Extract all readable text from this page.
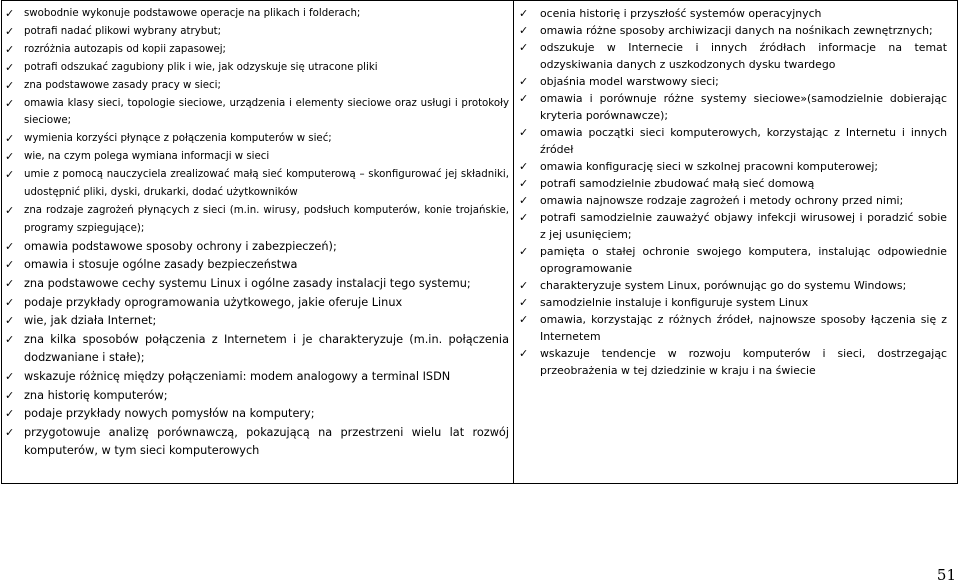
✓ swobodnie wykonuje podstawowe operacje na plikach i folderach;
✓ potrafi nadać plikowi wybrany atrybut;
✓ rozróżnia autozapis od kopii zapasowej;
✓ potrafi odszukać zagubiony plik i wie, jak odzyskuje się utracone pliki
✓ zna podstawowe zasady pracy w sieci;
✓ omawia klasy sieci, topologie sieciowe, urządzenia i elementy sieciowe oraz usługi i protokoły sieciowe;
✓ wymienia korzyści płynące z połączenia komputerów w sieć;
✓ wie, na czym polega wymiana informacji w sieci
✓ umie z pomocą nauczyciela zrealizować małą sieć komputerową – skonfigurować jej składniki, udostępnić pliki, dyski, drukarki, dodać użytkowników
✓ zna rodzaje zagrożeń płynących z sieci (m.in. wirusy, podsłuch komputerów, konie trojańskie, programy szpiegujące);
✓ omawia podstawowe sposoby ochrony i zabezpieczeń);
✓ omawia i stosuje ogólne zasady bezpieczeństwa
✓ zna podstawowe cechy systemu Linux i ogólne zasady instalacji tego systemu;
✓ podaje przykłady oprogramowania użytkowego, jakie oferuje Linux
✓ wie, jak działa Internet;
✓ zna kilka sposobów połączenia z Internetem i je charakteryzuje (m.in. połączenia dodzwaniane i stałe);
✓ wskazuje różnicę między połączeniami: modem analogowy a terminal ISDN
✓ zna historię komputerów;
✓ podaje przykłady nowych pomysłów na komputery;
✓ przygotowuje analizę porównawczą, pokazującą na przestrzeni wielu lat rozwój komputerów, w tym sieci komputerowych
✓ ocenia historię i przyszłość systemów operacyjnych
✓ omawia różne sposoby archiwizacji danych na nośnikach zewnętrznych;
✓ odszukuje w Internecie i innych źródłach informacje na temat odzyskiwania danych z uszkodzonych dysku twardego
✓ objaśnia model warstwowy sieci;
✓ omawia i porównuje różne systemy sieciowe»(samodzielnie dobierając kryteria porównawcze);
✓ omawia początki sieci komputerowych, korzystając z Internetu i innych źródeł
✓ omawia konfigurację sieci w szkolnej pracowni komputerowej;
✓ potrafi samodzielnie zbudować małą sieć domową
✓ omawia najnowsze rodzaje zagrożeń i metody ochrony przed nimi;
✓ potrafi samodzielnie zauważyć objawy infekcji wirusowej i poradzić sobie z jej usunięciem;
✓ pamięta o stałej ochronie swojego komputera, instalując odpowiednie oprogramowanie
✓ charakteryzuje system Linux, porównując go do systemu Windows;
✓ samodzielnie instaluje i konfiguruje system Linux
✓ omawia, korzystając z różnych źródeł, najnowsze sposoby łączenia się z Internetem
✓ wskazuje tendencje w rozwoju komputerów i sieci, dostrzegając przeobrażenia w tej dziedzinie w kraju i na świecie
51
